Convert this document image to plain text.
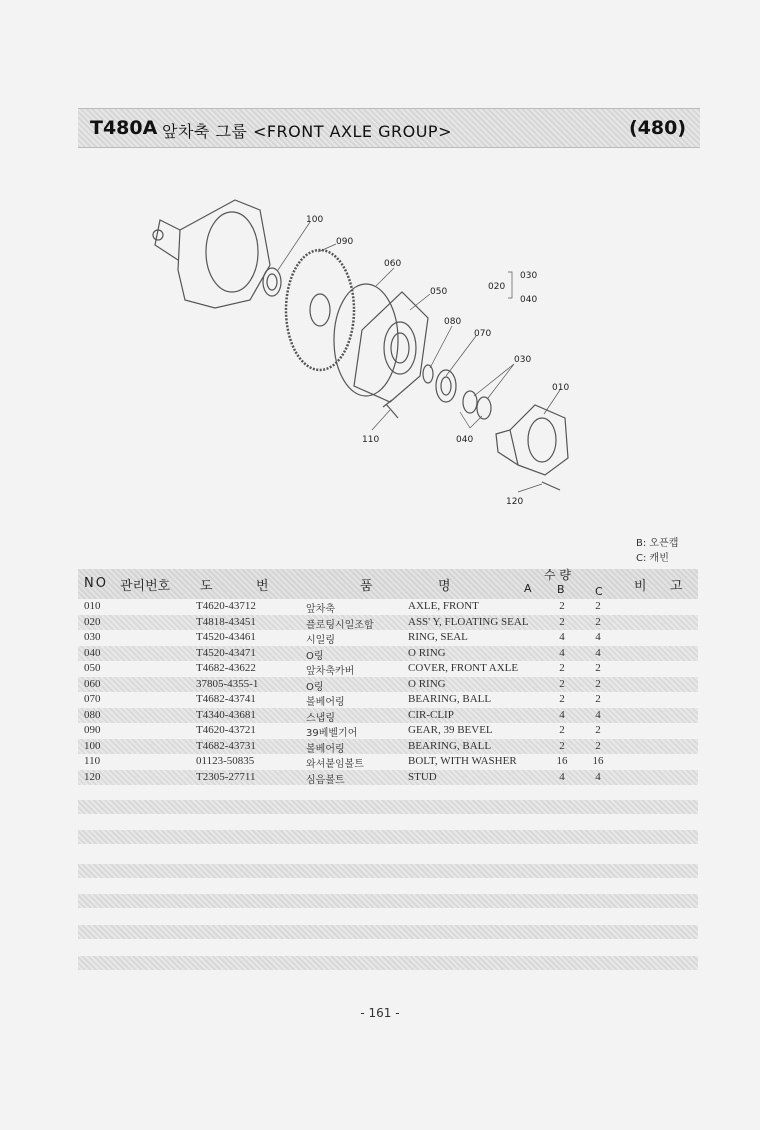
T480A 앞차축 그룹 <FRONT AXLE GROUP>	(480)
100
090
060
050	020
030
040
080
070
030
010
110	040
120
B: 오픈캡
C: 캐빈
NO 관리번호 도	번	품	명
수 량
A B	C 비 고
010	T4620-43712	앞차축	AXLE, FRONT	2	2
020	T4818-43451	플로팅시일조합	ASS' Y, FLOATING SEAL	2	2
030	T4520-43461	시일링	RING, SEAL	4	4
040	T4520-43471	O링	O RING	4	4
050	T4682-43622	앞차축카버	COVER, FRONT AXLE	2	2
060	37805-4355-1	O링	O RING	2	2
070	T4682-43741	볼베어링	BEARING, BALL	2	2
080	T4340-43681	스냅링	CIR-CLIP	4	4
090	T4620-43721	39베벨기어	GEAR, 39 BEVEL	2	2
100	T4682-43731	볼베어링	BEARING, BALL	2	2
110	01123-50835	와셔붙임볼트	BOLT, WITH WASHER	16	16
120	T2305-27711	심음볼트	STUD	4	4
- 161 -
